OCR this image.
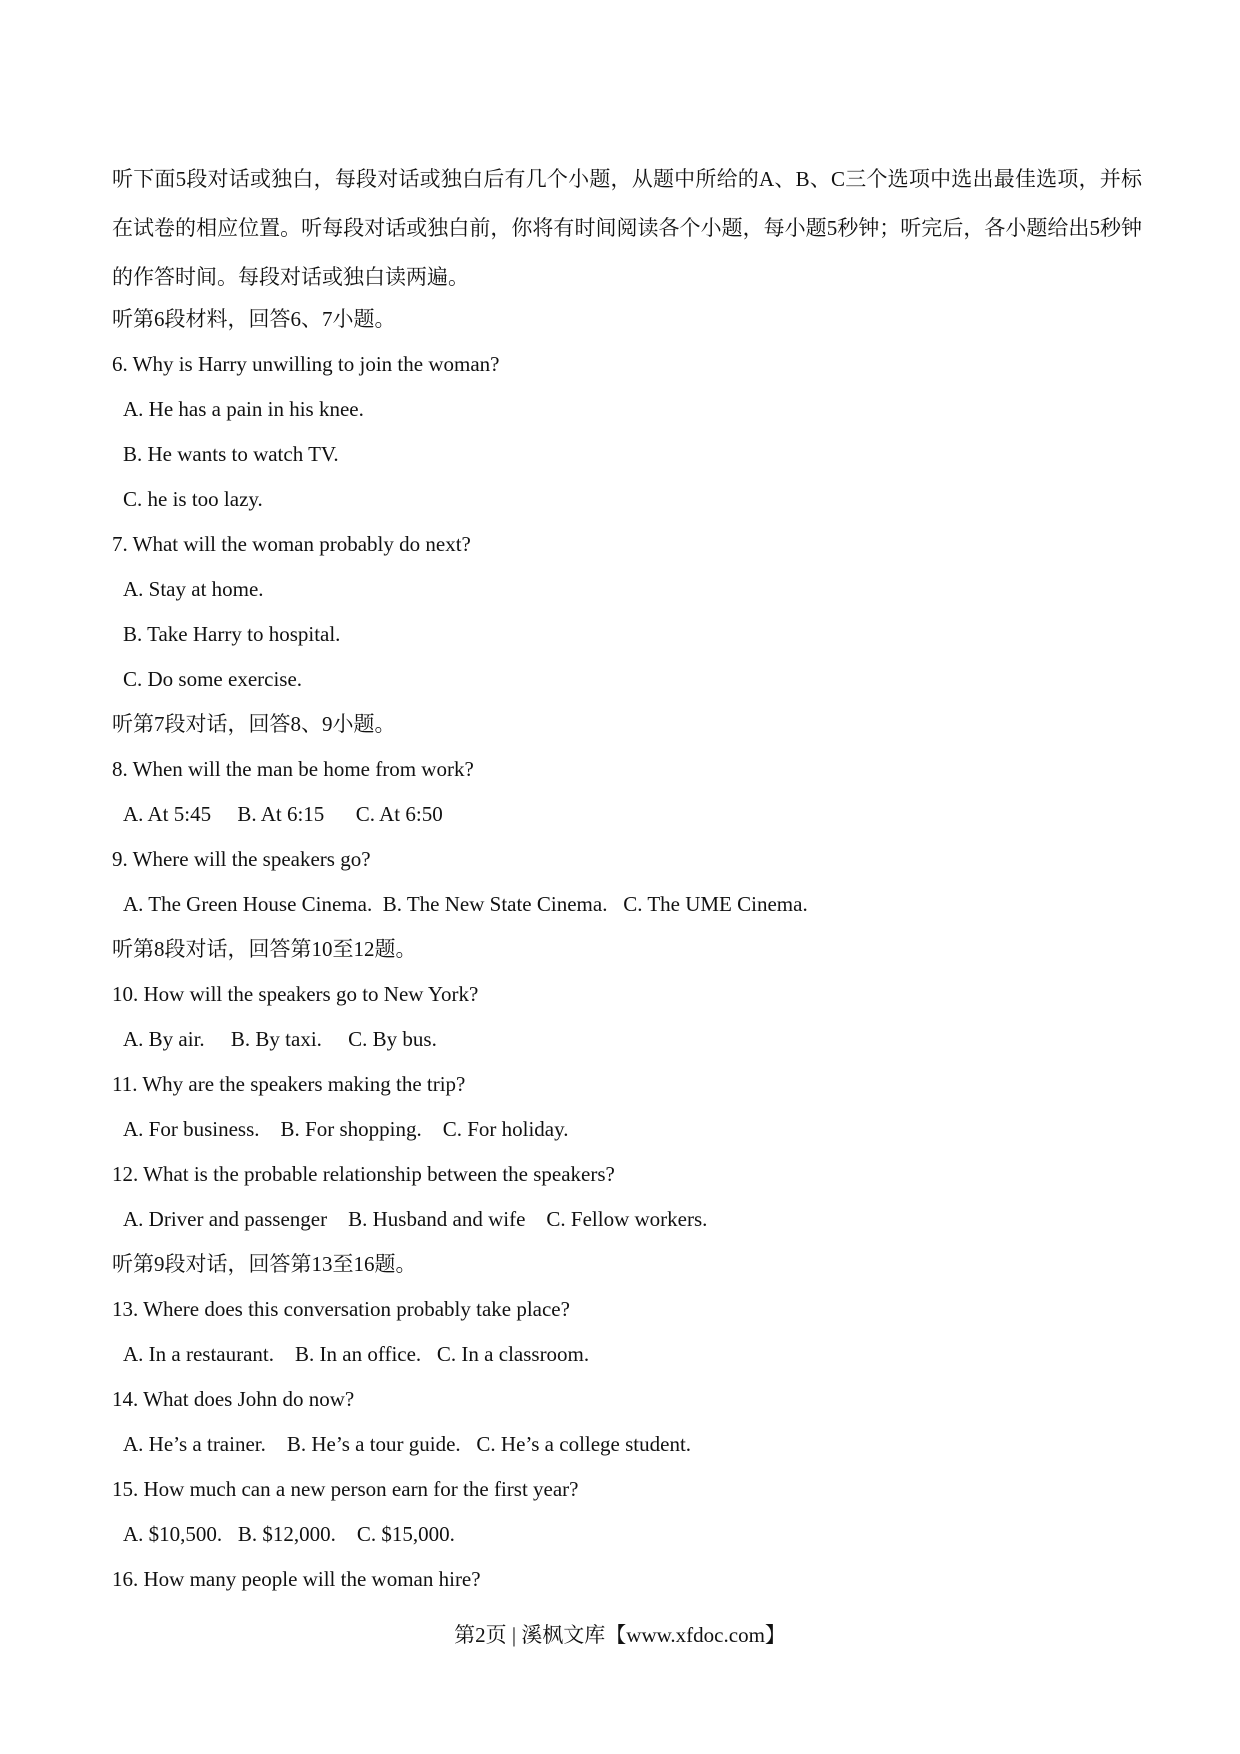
听下面5段对话或独白，每段对话或独白后有几个小题，从题中所给的A、B、C三个选项中选出最佳选项，并标在试卷的相应位置。听每段对话或独白前，你将有时间阅读各个小题，每小题5秒钟；听完后，各小题给出5秒钟的作答时间。每段对话或独白读两遍。

听第6段材料，回答6、7小题。
6. Why is Harry unwilling to join the woman?
A. He has a pain in his knee.
B. He wants to watch TV.
C. he is too lazy.
7. What will the woman probably do next?
A. Stay at home.
B. Take Harry to hospital.
C. Do some exercise.
听第7段对话，回答8、9小题。
8. When will the man be home from work?
A. At 5:45     B. At 6:15      C. At 6:50
9. Where will the speakers go?
A. The Green House Cinema.  B. The New State Cinema.   C. The UME Cinema.
听第8段对话，回答第10至12题。
10. How will the speakers go to New York?
A. By air.     B. By taxi.     C. By bus.
11. Why are the speakers making the trip?
A. For business.    B. For shopping.    C. For holiday.
12. What is the probable relationship between the speakers?
A. Driver and passenger    B. Husband and wife    C. Fellow workers.
听第9段对话，回答第13至16题。
13. Where does this conversation probably take place?
A. In a restaurant.    B. In an office.   C. In a classroom.
14. What does John do now?
A. He’s a trainer.    B. He’s a tour guide.   C. He’s a college student.
15. How much can a new person earn for the first year?
A. $10,500.   B. $12,000.    C. $15,000.
16. How many people will the woman hire?
第2页 | 溪枫文库【www.xfdoc.com】
